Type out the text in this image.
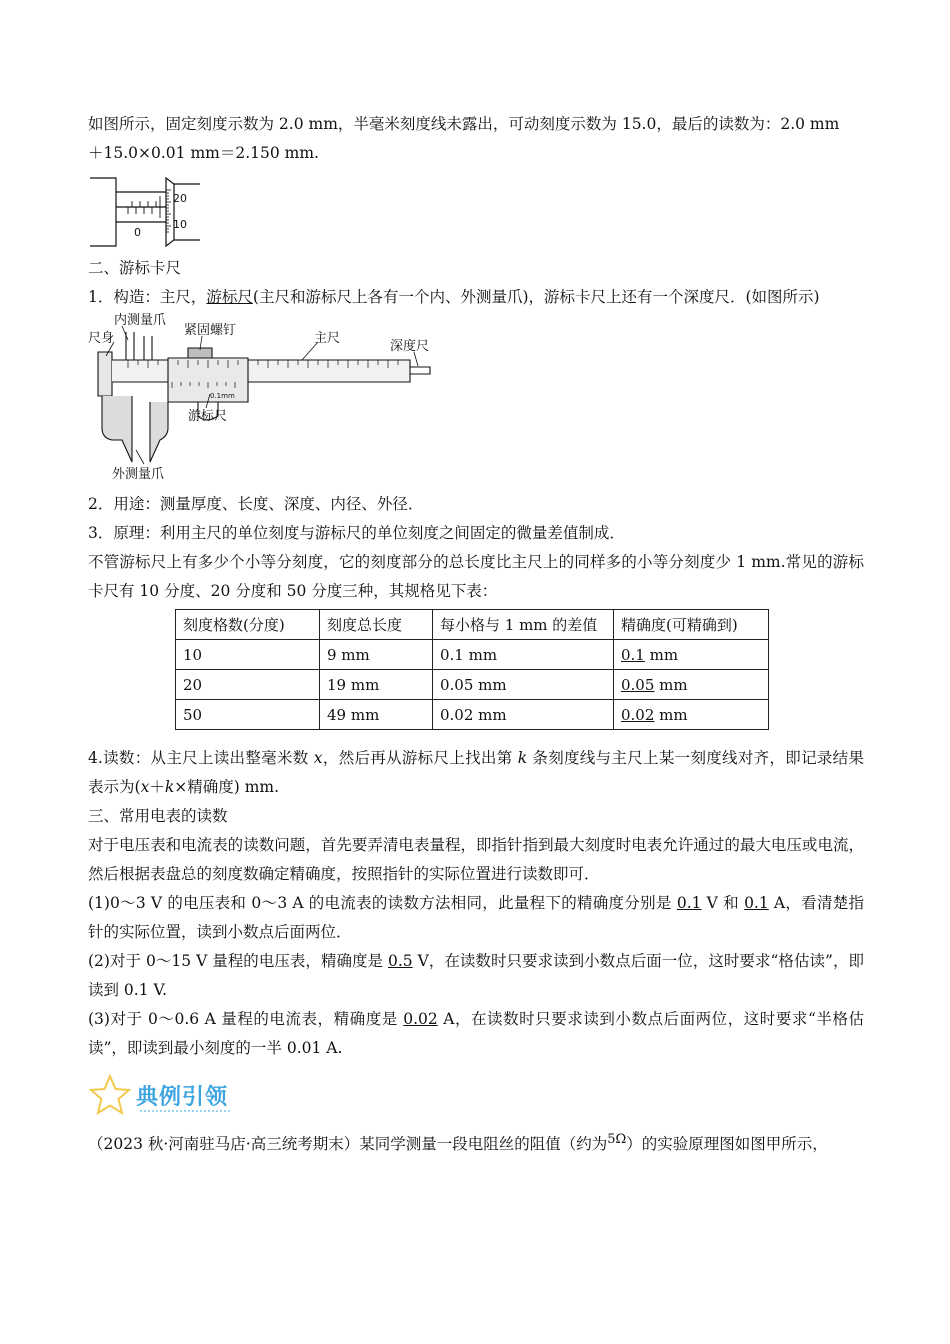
如图所示，固定刻度示数为 2.0 mm，半毫米刻度线未露出，可动刻度示数为 15.0，最后的读数为：2.0 mm
＋15.0×0.01 mm＝2.150 mm.

20
10
0

二、游标卡尺

1．构造：主尺，游标尺(主尺和游标尺上各有一个内、外测量爪)，游标卡尺上还有一个深度尺．(如图所示)

内测量爪
尺身
紧固螺钉
主尺
深度尺
游标尺
外测量爪
0.1mm

2．用途：测量厚度、长度、深度、内径、外径．

3．原理：利用主尺的单位刻度与游标尺的单位刻度之间固定的微量差值制成．

不管游标尺上有多少个小等分刻度，它的刻度部分的总长度比主尺上的同样多的小等分刻度少 1 mm.常见的游标卡尺有 10 分度、20 分度和 50 分度三种，其规格见下表：

刻度格数(分度)	刻度总长度	每小格与 1 mm 的差值	精确度(可精确到)
10	9 mm	0.1 mm	0.1 mm
20	19 mm	0.05 mm	0.05 mm
50	49 mm	0.02 mm	0.02 mm

4.读数：从主尺上读出整毫米数 x，然后再从游标尺上找出第 k 条刻度线与主尺上某一刻度线对齐，即记录结果表示为(x＋k×精确度) mm.

三、常用电表的读数

对于电压表和电流表的读数问题，首先要弄清电表量程，即指针指到最大刻度时电表允许通过的最大电压或电流，然后根据表盘总的刻度数确定精确度，按照指针的实际位置进行读数即可．

(1)0～3 V 的电压表和 0～3 A 的电流表的读数方法相同，此量程下的精确度分别是 0.1 V 和 0.1 A，看清楚指针的实际位置，读到小数点后面两位．

(2)对于 0～15 V 量程的电压表，精确度是 0.5 V，在读数时只要求读到小数点后面一位，这时要求“格估读”，即读到 0.1 V.

(3)对于 0～0.6 A 量程的电流表，精确度是 0.02 A，在读数时只要求读到小数点后面两位，这时要求“半格估读”，即读到最小刻度的一半 0.01 A.

典例引领

（2023 秋·河南驻马店·高三统考期末）某同学测量一段电阻丝的阻值（约为$^{5\Omega}$）的实验原理图如图甲所示，
